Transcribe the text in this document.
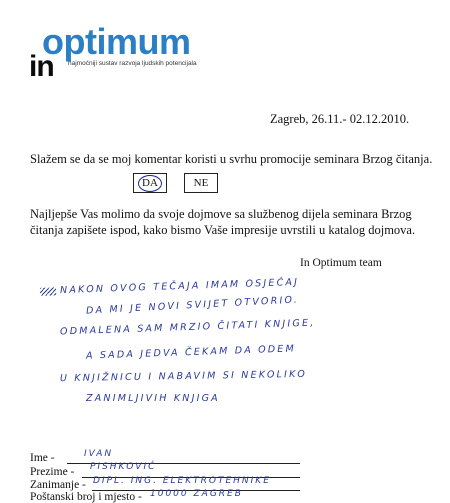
optimum
in najmočniji sustav razvoja ljudskih potencijala
Zagreb, 26.11.- 02.12.2010.
Slažem se da se moj komentar koristi u svrhu promocije seminara Brzog čitanja.
DA	NE
Najljepše Vas molimo da svoje dojmove sa službenog dijela seminara Brzog čitanja zapišete ispod, kako bismo Vaše impresije uvrstili u katalog dojmova.
In Optimum team
NAKON OVOG TEČAJA IMAM OSJEĆAJ
DA MI JE NOVI SVIJET OTVORIO.
ODMALENA SAM MRZIO ČITATI KNJIGE,
A SADA JEDVA ČEKAM DA ODEM
U KNJIŽNICU I NABAVIM SI NEKOLIKO
ZANIMLJIVIH KNJIGA
Ime -	IVAN
Prezime - PISHKOVIĆ
Zanimanje - DIPL. ING. ELEKTROTEHNIKE
Poštanski broj i mjesto - 10000 ZAGREB
